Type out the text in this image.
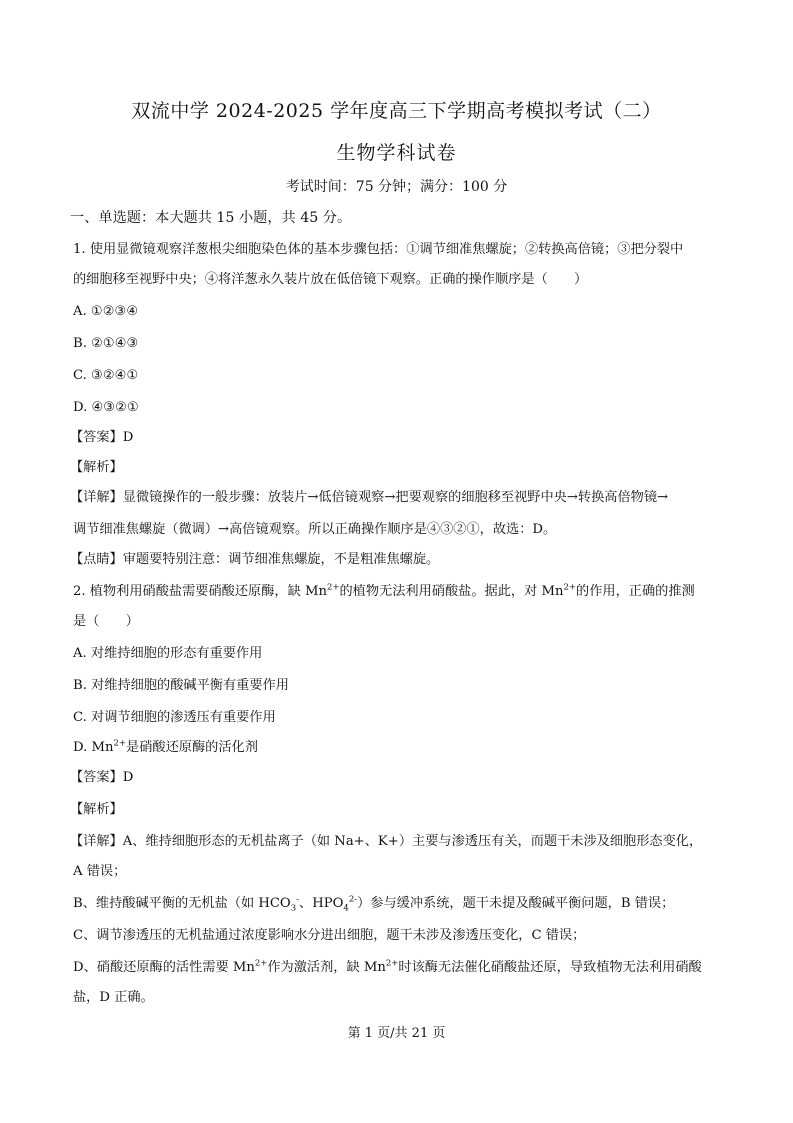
双流中学 2024-2025 学年度高三下学期高考模拟考试（二）
生物学科试卷
考试时间：75 分钟；满分：100 分
一、单选题：本大题共 15 小题，共 45 分。
1. 使用显微镜观察洋葱根尖细胞染色体的基本步骤包括：①调节细准焦螺旋；②转换高倍镜；③把分裂中
的细胞移至视野中央；④将洋葱永久装片放在低倍镜下观察。正确的操作顺序是（　　）
A. ①②③④
B. ②①④③
C. ③②④①
D. ④③②①
【答案】D
【解析】
【详解】显微镜操作的一般步骤：放装片→低倍镜观察→把要观察的细胞移至视野中央→转换高倍物镜→
调节细准焦螺旋（微调）→高倍镜观察。所以正确操作顺序是④③②①，故选：D。
【点睛】审题要特别注意：调节细准焦螺旋，不是粗准焦螺旋。
2. 植物利用硝酸盐需要硝酸还原酶，缺 $Mn^{2+}$的植物无法利用硝酸盐。据此，对 $Mn^{2+}$的作用，正确的推测
是（　　）
A. 对维持细胞的形态有重要作用
B. 对维持细胞的酸碱平衡有重要作用
C. 对调节细胞的渗透压有重要作用
D. $Mn^{2+}$是硝酸还原酶的活化剂
【答案】D
【解析】
【详解】A、维持细胞形态的无机盐离子（如 Na+、K+）主要与渗透压有关，而题干未涉及细胞形态变化，
A 错误；
B、维持酸碱平衡的无机盐（如 $HCO_3^-$、$HPO_4^{2-}$）参与缓冲系统，题干未提及酸碱平衡问题，B 错误；
C、调节渗透压的无机盐通过浓度影响水分进出细胞，题干未涉及渗透压变化，C 错误；
D、硝酸还原酶的活性需要 $Mn^{2+}$作为激活剂，缺 $Mn^{2+}$时该酶无法催化硝酸盐还原，导致植物无法利用硝酸
盐，D 正确。
第 1 页/共 21 页
